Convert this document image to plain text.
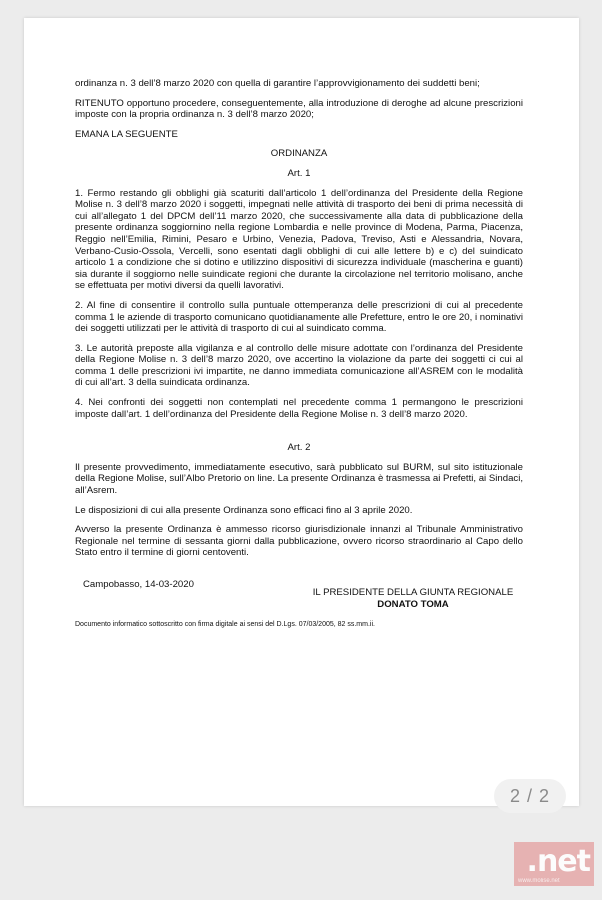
ordinanza n. 3 dell’8 marzo 2020 con quella di garantire l’approvvigionamento dei suddetti beni;

RITENUTO opportuno procedere, conseguentemente, alla introduzione di deroghe ad alcune prescrizioni imposte con la propria ordinanza n. 3 dell’8 marzo 2020;

EMANA LA SEGUENTE

ORDINANZA

Art. 1

1. Fermo restando gli obblighi già scaturiti dall’articolo 1 dell’ordinanza del Presidente della Regione Molise n. 3 dell’8 marzo 2020 i soggetti, impegnati nelle attività di trasporto dei beni di prima necessità di cui all’allegato 1 del DPCM dell’11 marzo 2020, che successivamente alla data di pubblicazione della presente ordinanza soggiornino nella regione Lombardia e nelle province di Modena, Parma, Piacenza, Reggio nell’Emilia, Rimini, Pesaro e Urbino, Venezia, Padova, Treviso, Asti e Alessandria, Novara, Verbano-Cusio-Ossola, Vercelli, sono esentati dagli obblighi di cui alle lettere b) e c) del suindicato articolo 1 a condizione che si dotino e utilizzino dispositivi di sicurezza individuale (mascherina e guanti) sia durante il soggiorno nelle suindicate regioni che durante la circolazione nel territorio molisano, anche se effettuata per motivi diversi da quelli lavorativi.

2. Al fine di consentire il controllo sulla puntuale ottemperanza delle prescrizioni di cui al precedente comma 1 le aziende di trasporto comunicano quotidianamente alle Prefetture, entro le ore 20, i nominativi dei soggetti utilizzati per le attività di trasporto di cui al suindicato comma.

3. Le autorità preposte alla vigilanza e al controllo delle misure adottate con l’ordinanza del Presidente della Regione Molise n. 3 dell’8 marzo 2020, ove accertino la violazione da parte dei soggetti ci cui al comma 1 delle prescrizioni ivi impartite, ne danno immediata comunicazione all’ASREM con le modalità di cui all’art. 3 della suindicata ordinanza.

4. Nei confronti dei soggetti non contemplati nel precedente comma 1 permangono le prescrizioni imposte dall’art. 1 dell’ordinanza del Presidente della Regione Molise n. 3 dell’8 marzo 2020.

Art. 2

Il presente provvedimento, immediatamente esecutivo, sarà pubblicato sul BURM, sul sito istituzionale della Regione Molise, sull’Albo Pretorio on line. La presente Ordinanza è trasmessa ai Prefetti, ai Sindaci, all’Asrem.

Le disposizioni di cui alla presente Ordinanza sono efficaci fino al 3 aprile 2020.

Avverso la presente Ordinanza è ammesso ricorso giurisdizionale innanzi al Tribunale Amministrativo Regionale nel termine di sessanta giorni dalla pubblicazione, ovvero ricorso straordinario al Capo dello Stato entro il termine di giorni centoventi.

Campobasso, 14-03-2020
IL PRESIDENTE DELLA GIUNTA REGIONALE
DONATO TOMA

Documento informatico sottoscritto con firma digitale ai sensi del D.Lgs. 07/03/2005, 82 ss.mm.ii.

2 / 2
.net
www.molise.net
